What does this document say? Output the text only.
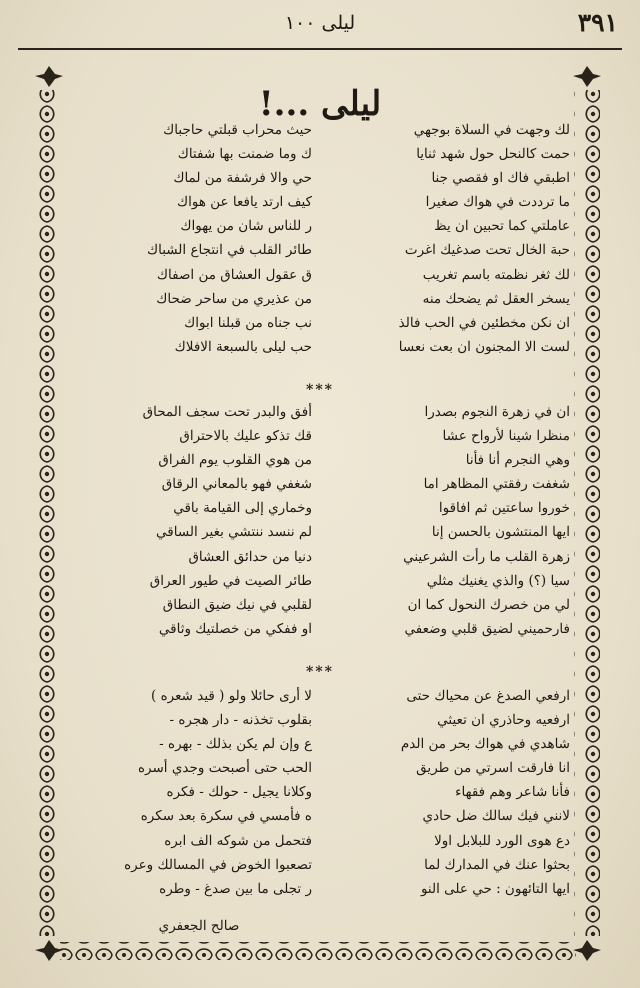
٣٩١
ليلى ١٠٠
ليلى ...!
لك وجهت في السلاة بوجهي
حمت كالنحل حول شهد ثنايا
اطبقي فاك او فقصي جنا
ما ترددت في هواك صغيرا
عاملتي كما تحبين ان يظ
حبة الخال تحت صدغيك اغرت
لك ثغر نظمته باسم تغريب
يسخر العقل ثم يضحك منه
ان نكن مخطئين في الحب فالذ
لست الا المجنون ان بعت نعسا
حيث محراب قبلتي حاجباك
ك وما ضمنت بها شفتاك
حي والا فرشفة من لماك
كيف ارتد يافعا عن هواك
ر للناس شان من يهواك
طائر القلب في انتجاع الشباك
ق عقول العشاق من اصفاك
من عذيري من ساحر ضحاك
نب جناه من قبلنا ابواك
حب ليلى بالسبعة الافلاك
***
ان في زهرة النجوم بصدرا
منظرا شينا لأرواح عشا
وهي النجرم أنا فأنا
شغفت رفقتي المظاهر اما
خوروا ساعتين ثم افاقوا
ايها المنتشون بالحسن إنا
زهرة القلب ما رأت الشرعيني
سيا (؟) والذي يغنيك مثلي
لي من خصرك النحول كما ان
فارحميني لضيق قلبي وضعفي
أفق والبدر تحت سجف المحاق
قك تذكو عليك بالاحتراق
من هوي القلوب يوم الفراق
شغفي فهو بالمعاني الرقاق
وخماري إلى القيامة باقي
لم ننسد ننتشي بغير الساقي
دنيا من حدائق العشاق
طائر الصيت في طيور العراق
لقلبي في نيك ضيق النطاق
او ففكي من خصلتيك وثاقي
***
ارفعي الصدغ عن محياك حتى
ارفعيه وحاذري ان تعيثي
شاهدي في هواك بحر من الدم
انا فارقت اسرتي من طريق
فأنا شاعر وهم فقهاء
لانني فيك سالك ضل حادي
دع هوى الورد للبلابل اولا
بحثوا عنك في المدارك لما
ايها التائهون : حي على النو
لا أرى حائلا ولو ( قيد شعره )
بقلوب تخذنه - دار هجره -
ع وإن لم يكن بذلك - بهره -
الحب حتى أصبحت وجدي أسره
وكلانا يجيل - حولك - فكره
ه فأمسي في سكرة بعد سكره
فتحمل من شوكه الف ابره
تصعبوا الخوض في المسالك وعره
ر تجلى ما بين صدغ - وطره
صالح الجعفري
